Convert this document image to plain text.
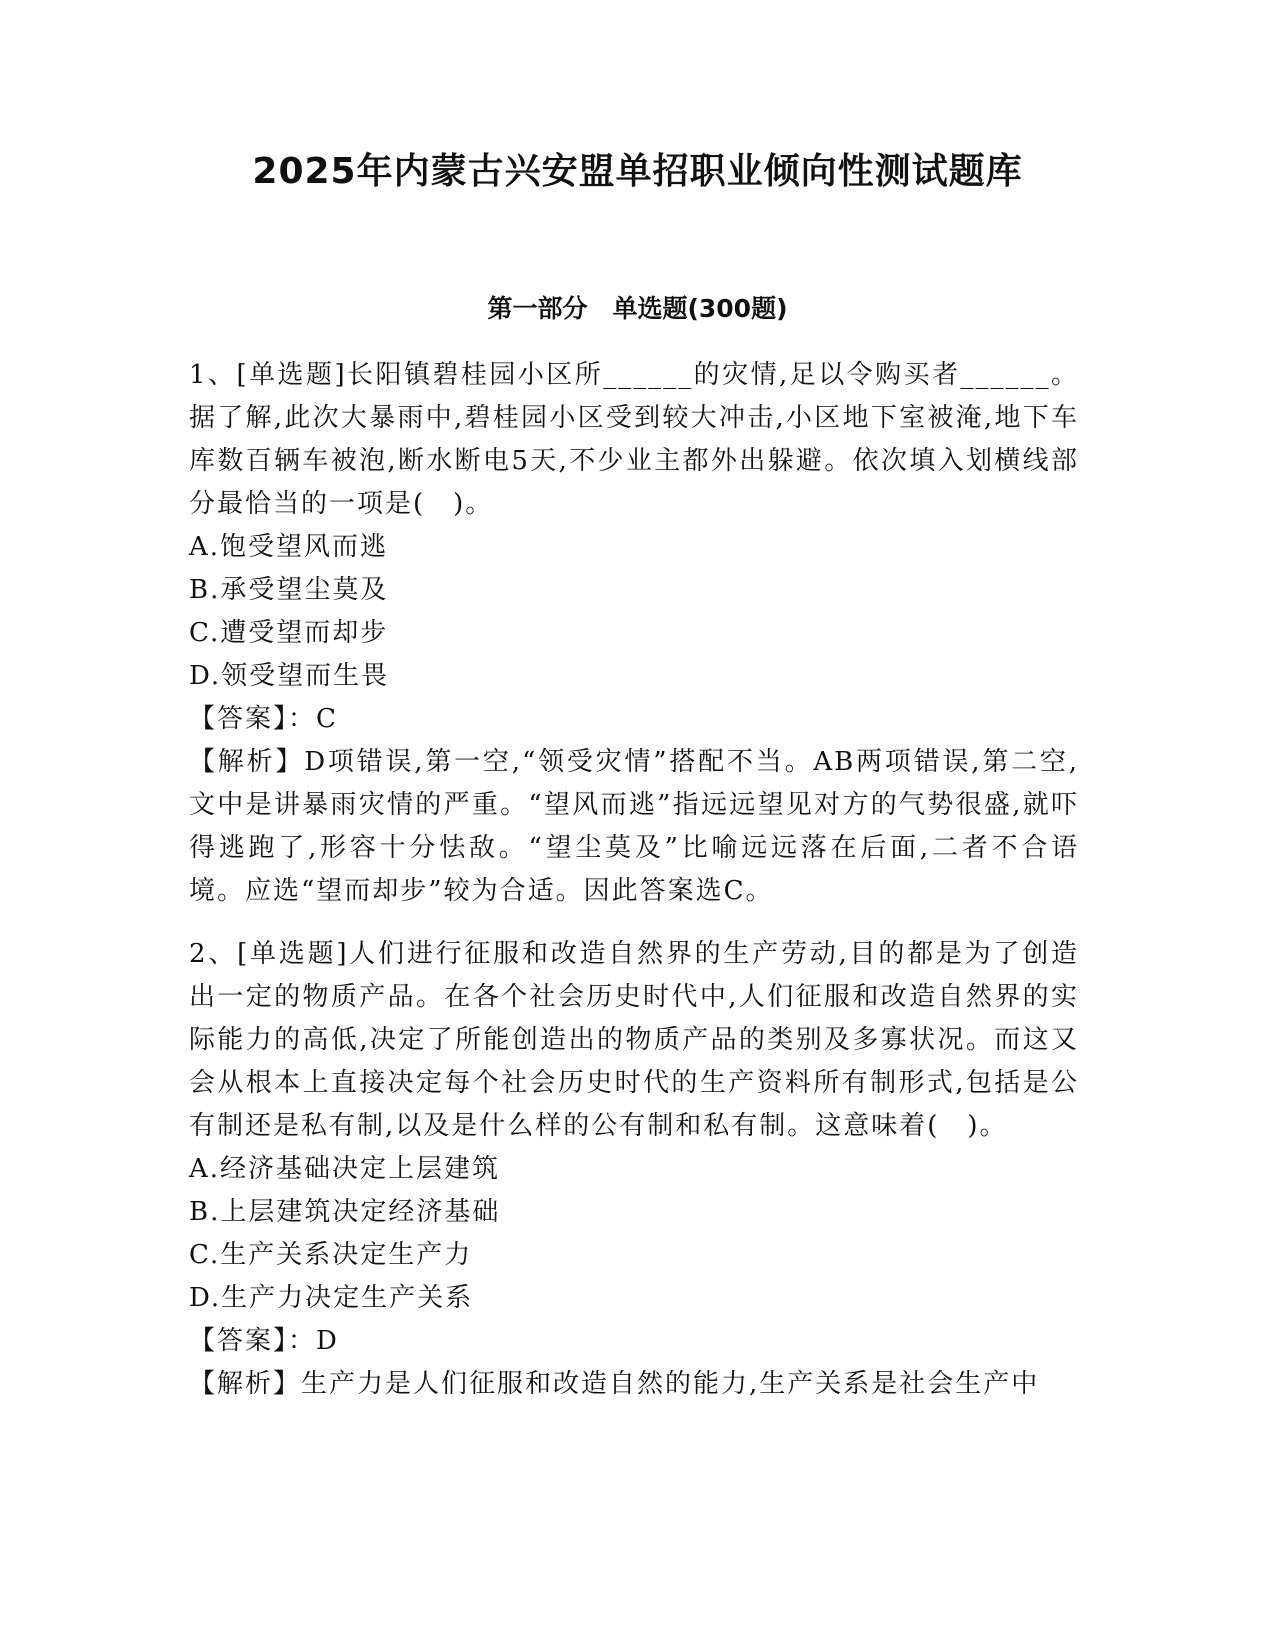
2025年内蒙古兴安盟单招职业倾向性测试题库
第一部分　单选题(300题)

1、[单选题]长阳镇碧桂园小区所______的灾情,足以令购买者______。据了解,此次大暴雨中,碧桂园小区受到较大冲击,小区地下室被淹,地下车库数百辆车被泡,断水断电5天,不少业主都外出躲避。依次填入划横线部分最恰当的一项是(　)。

A.饱受望风而逃
B.承受望尘莫及
C.遭受望而却步
D.领受望而生畏
【答案】：C

【解析】D项错误,第一空,“领受灾情”搭配不当。AB两项错误,第二空,文中是讲暴雨灾情的严重。“望风而逃”指远远望见对方的气势很盛,就吓得逃跑了,形容十分怯敌。“望尘莫及”比喻远远落在后面,二者不合语境。应选“望而却步”较为合适。因此答案选C。

2、[单选题]人们进行征服和改造自然界的生产劳动,目的都是为了创造出一定的物质产品。在各个社会历史时代中,人们征服和改造自然界的实际能力的高低,决定了所能创造出的物质产品的类别及多寡状况。而这又会从根本上直接决定每个社会历史时代的生产资料所有制形式,包括是公有制还是私有制,以及是什么样的公有制和私有制。这意味着(　)。

A.经济基础决定上层建筑
B.上层建筑决定经济基础
C.生产关系决定生产力
D.生产力决定生产关系
【答案】：D

【解析】生产力是人们征服和改造自然的能力,生产关系是社会生产中
